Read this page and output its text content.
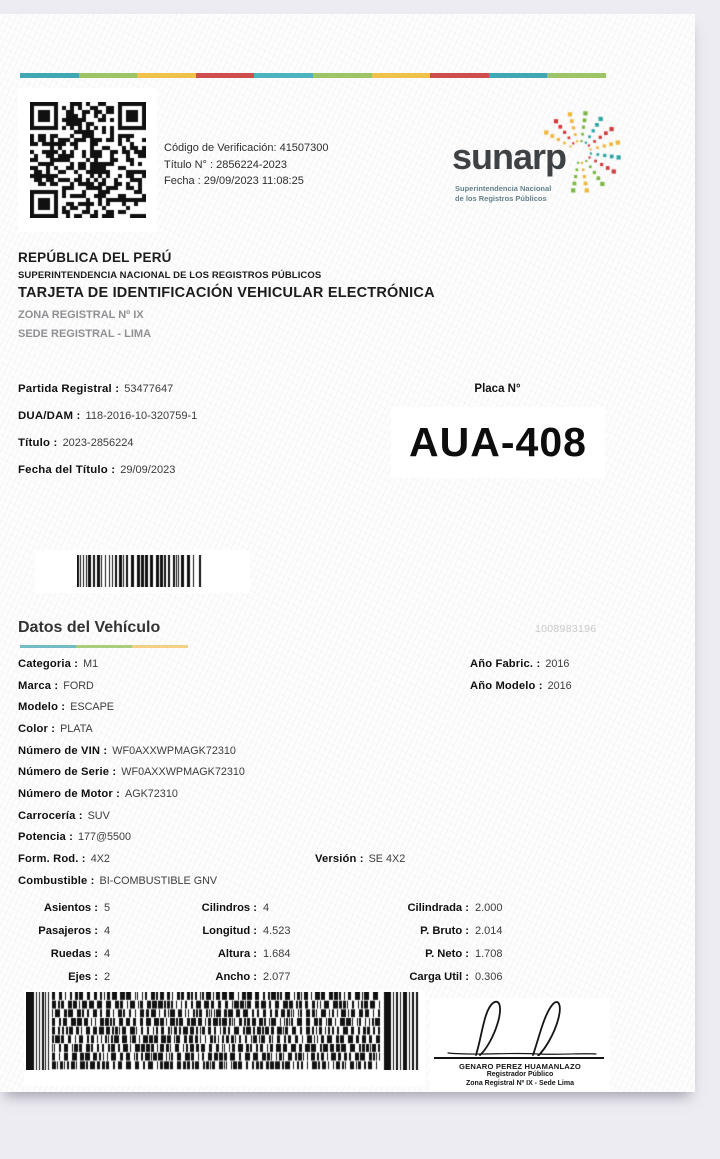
Código de Verificación: 41507300
Título N° : 2856224-2023
Fecha : 29/09/2023 11:08:25
sunarp
Superintendencia Nacional
de los Registros Públicos
REPÚBLICA DEL PERÚ
SUPERINTENDENCIA NACIONAL DE LOS REGISTROS PÚBLICOS
TARJETA DE IDENTIFICACIÓN VEHICULAR ELECTRÓNICA
ZONA REGISTRAL Nº IX
SEDE REGISTRAL - LIMA
Partida Registral : 53477647
DUA/DAM : 118-2016-10-320759-1
Título : 2023-2856224
Fecha del Título : 29/09/2023
Placa N°
AUA-408
Datos del Vehículo	1008983196
Categoria : M1
Marca : FORD
Modelo : ESCAPE
Color : PLATA
Número de VIN : WF0AXXWPMAGK72310
Número de Serie : WF0AXXWPMAGK72310
Número de Motor : AGK72310
Carrocería : SUV
Potencia : 177@5500
Form. Rod. : 4X2	Versión : SE 4X2
Combustible : BI-COMBUSTIBLE GNV
Año Fabric. : 2016
Año Modelo : 2016
Asientos : 5	Cilindros : 4	Cilindrada : 2.000
Pasajeros : 4	Longitud : 4.523	P. Bruto : 2.014
Ruedas : 4	Altura : 1.684	P. Neto : 1.708
Ejes : 2	Ancho : 2.077	Carga Util : 0.306
GENARO PEREZ HUAMANLAZO
Registrador Público
Zona Registral Nº IX - Sede Lima
